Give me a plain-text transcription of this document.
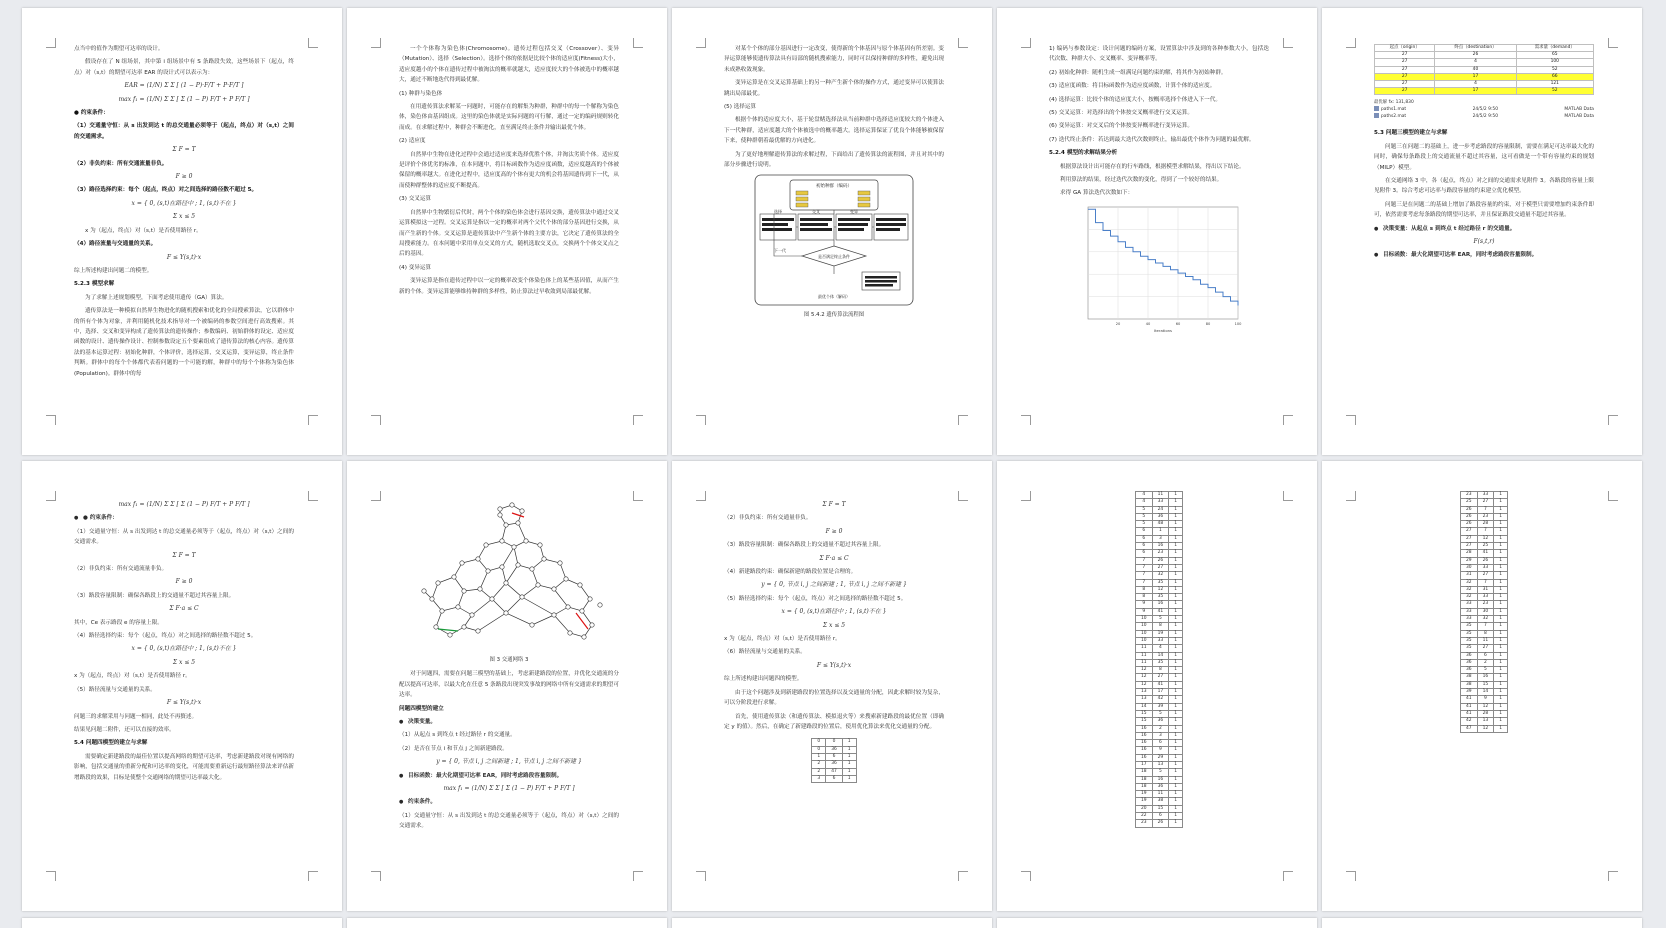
点当中的值作为期望可达率的设计。

假设存在了 N 组场景，其中第 i 组场景中有 S 条路段失效，这些场景下（起点，终点）对（s,t）的期望可达率 EAR 的设计式可以表示为：

EAR = (1/N) Σ Σ [ (1 − P)·F/T + P·F/T ]
max f₁ = (1/N) Σ Σ [ Σ (1 − P) F/T + P F/T ]

● 约束条件：

（1）交通量守恒：从 s 出发到达 t 的总交通量必须等于（起点，终点）对（s,t）之间的交通需求。

Σ F = T

（2）非负约束：所有交通流量非负。

F ≥ 0

（3）路径选择约束：每个（起点，终点）对之间选择的路径数不超过 5。

x = { 0, (s,t)在路径中 ; 1, (s,t)不在 }
Σ x ≤ 5

x 为（起点，终点）对（s,t）是否使用路径 r。

（4）路径流量与交通量的关系。

F ≤ Y(s,t)·x

综上所述构建出问题二的模型。

5.2.3 模型求解

为了求解上述规划模型，下面考虑使用遗传（GA）算法。

遗传算法是一种模拟自然界生物进化的随机搜索和优化的全局搜索算法，它以群体中的所有个体为对象，并利用随机化技术指导对一个被编码的参数空间进行高效搜索。其中，选择、交叉和变异构成了遗传算法的遗传操作；参数编码、初始群体的设定、适应度函数的设计、遗传操作设计、控制参数设定五个要素组成了遗传算法的核心内容。遗传算法的基本运算过程：初始化种群，个体评价，选择运算，交叉运算，变异运算，终止条件判断。群体中的每个个体都代表着问题的一个可能的解，种群中的每个个体称为染色体(Population)。群体中的每

一个个体称为染色体(Chromosome)。遗传过程包括交叉（Crossover）、变异（Mutation）、选择（Selection）。选择个体的依据是比较个体的适应度(Fitness)大小，适应度越小的个体在遗传过程中被淘汰的概率就越大，适应度较大的个体被选中的概率越大，通过不断地迭代得到最优解。

(1) 种群与染色体

在用遗传算法求解某一问题时，可能存在的解集为种群，种群中的每一个解称为染色体，染色体由基因组成。这里的染色体就是实际问题的可行解，通过一定的编码规则转化而成。在求解过程中，种群会不断进化，直至满足终止条件并输出最优个体。

(2) 适应度

自然界中生物在进化过程中会通过适应度来选择优胜个体，并淘汰劣质个体。适应度是评价个体优劣的标准，在本问题中，将目标函数作为适应度函数，适应度越高的个体被保留的概率越大。在进化过程中，适应度高的个体有更大的机会将基因遗传到下一代，从而使种群整体的适应度不断提高。

(3) 交叉运算

自然界中生物繁衍后代时，两个个体的染色体会进行基因交换，遗传算法中通过交叉运算模拟这一过程。交叉运算是指以一定的概率对两个父代个体的部分基因进行交换，从而产生新的个体。交叉运算是遗传算法中产生新个体的主要方法，它决定了遗传算法的全局搜索能力。在本问题中采用单点交叉的方式，随机选取交叉点，交换两个个体交叉点之后的基因。

(4) 变异运算

变异运算是指在遗传过程中以一定的概率改变个体染色体上的某些基因值，从而产生新的个体。变异运算能够维持种群的多样性，防止算法过早收敛到局部最优解。

对某个个体的部分基因进行一定改变，使得新的个体基因与原个体基因有所差别。变异运算能够使遗传算法具有局部的随机搜索能力，同时可以保持种群的多样性，避免出现未成熟收敛现象。

变异运算是在交叉运算基础上的另一种产生新个体的操作方式，通过变异可以使算法跳出局部最优。

(5) 选择运算

根据个体的适应度大小，基于轮盘赌选择法从当前种群中选择适应度较大的个体进入下一代种群，适应度越大的个体被选中的概率越大。选择运算保证了优良个体能够被保留下来，使种群朝着最优解的方向进化。

为了更好地理解遗传算法的求解过程，下面给出了遗传算法的流程图，并且对其中的部分步骤进行说明。

初始种群（编码）
选择	交叉	变异
下一代
是否满足终止条件
最优个体（解码）
图 5.4.2 遗传算法流程图

1) 编码与参数设定：设计问题的编码方案，设置算法中涉及到的各种参数大小，包括迭代次数、种群大小、交叉概率、变异概率等。

(2) 初始化种群：随机生成一组满足问题约束的解，将其作为初始种群。

(3) 适应度函数：将目标函数作为适应度函数，计算个体的适应度。

(4) 选择运算：比较个体的适应度大小，按概率选择个体进入下一代。

(5) 交叉运算：对选择出的个体按交叉概率进行交叉运算。

(6) 变异运算：对交叉后的个体按变异概率进行变异运算。

(7) 迭代终止条件：若达到最大迭代次数则终止，输出最优个体作为问题的最优解。

5.2.4 模型的求解结果分析

根据算法设计出可能存在的行车路线，根据模型求解结果，得出以下结论。

利用算法的结果，经过迭代次数的变化，得到了一个较好的结果。

求得 GA 算法迭代次数如下：

20	40	60	80	100
Iterations
起点（origin）	终点（destination）	需求量（demand）
27	26	65
27	4	100
27	40	52
27	17	66
27	4	121
27	17	52
最优解 fx: 131,830
paths1.mat	24/5/2 9:50	MATLAB Data
paths2.mat	24/5/2 9:50	MATLAB Data

5.3 问题三模型的建立与求解

问题三在问题二的基础上，进一步考虑路段的容量限制，需要在满足可达率最大化的同时，确保每条路段上的交通流量不超过其容量，这可看做是一个带有容量约束的规划（MILP）模型。

在交通网络 3 中，各（起点，终点）对之间的交通需求见附件 3。各路段的容量上限见附件 3。综合考虑可达率与路段容量的约束建立优化模型。

问题三是在问题二的基础上增加了路段容量的约束，对于模型只需要增加约束条件即可，依然需要考虑每条路段的期望可达率，并且保证路段交通量不超过其容量。

● 决策变量：从起点 s 到终点 t 经过路径 r 的交通量。

F(s,t,r)

● 目标函数：最大化期望可达率 EAR，同时考虑路段容量限制。

max f₁ = (1/N) Σ Σ [ Σ (1 − P) F/T + P F/T ]

● ● 约束条件：

（1）交通量守恒：从 s 出发到达 t 的总交通量必须等于（起点，终点）对（s,t）之间的交通需求。

Σ F = T

（2）非负约束：所有交通流量非负。

F ≥ 0

（3）路段容量限制：确保各路段上的交通量不超过其容量上限。

Σ F·a ≤ C

其中，Ce 表示路段 e 的容量上限。

（4）路径选择约束：每个（起点，终点）对之间选择的路径数不超过 5。

x = { 0, (s,t)在路径中 ; 1, (s,t)不在 }
Σ x ≤ 5

x 为（起点，终点）对（s,t）是否使用路径 r。

（5）路径流量与交通量的关系。

F ≤ Y(s,t)·x

问题三的求解采用与问题一相同，此处不再赘述。

结果见问题二附件，还可以直接的效率。

5.4 问题四模型的建立与求解

需要确定新建路段的最佳位置以提高网络的期望可达率，考虑新建路段对现有网络的影响，包括交通量的重新分配和可达率的变化，可能需要重新运行最短路径算法来评估新增路段的效果，目标是使整个交通网络的期望可达率最大化。

图 3 交通网络 3

对于问题四，需要在问题三模型的基础上，考虑新建路段的位置，并优化交通流的分配以提高可达率，以最大化在任意 5 条路段出现突发事故的网络中所有交通需求的期望可达率。

问题四模型的建立

● 决策变量。

（1）从起点 s 到终点 t 经过路径 r 的交通量。

（2）是否在节点 i 和节点 j 之间新建路段。

y = { 0, 节点 i, j 之间新建 ; 1, 节点 i, j 之间不新建 }

● 目标函数：最大化期望可达率 EAR，同时考虑路段容量限制。

max f₁ = (1/N) Σ Σ [ Σ (1 − P) F/T + P F/T ]

● 约束条件。

（1）交通量守恒：从 s 出发到达 t 的总交通量必须等于（起点，终点）对（s,t）之间的交通需求。

Σ F = T

（2）非负约束：所有交通量非负。

F ≥ 0

（3）路段容量限制：确保各路段上的交通量不超过其容量上限。

Σ F·a ≤ C

（4）新建路段约束：确保新建的路段位置是合理的。

y = { 0, 节点 i, j 之间新建 ; 1, 节点 i, j 之间不新建 }

（5）路径选择约束：每个（起点，终点）对之间选择的路径数不超过 5。

x = { 0, (s,t)在路径中 ; 1, (s,t)不在 }
Σ x ≤ 5

x 为（起点，终点）对（s,t）是否使用路径 r。

（6）路径流量与交通量的关系。

F ≤ Y(s,t)·x

综上所述构建出问题四的模型。

由于这个问题涉及到新建路段的位置选择以及交通量的分配，因此求解时较为复杂，可以分阶段进行求解。

首先，使用遗传算法（和遗传算法、模拟退火等）来搜索新建路段的最优位置（即确定 y 的值）。然后，在确定了新建路段的位置后，使用优化算法来优化交通量的分配。

0	0	1
0	36	1
1	6	1
2	36	1
2	47	1
3	6	1
4	11	1
4	33	1
5	24	1
5	36	1
5	48	1
6	1	1
6	3	1
6	16	1
6	23	1
7	26	1
7	27	1
7	32	1
7	35	1
8	12	1
8	35	1
9	16	1
9	41	1
10	5	1
10	8	1
10	19	1
10	33	1
11	4	1
11	14	1
11	35	1
12	8	1
12	27	1
12	41	1
13	17	1
13	42	1
14	39	1
15	5	1
15	36	1
16	2	1
16	3	1
16	6	1
16	9	1
16	29	1
17	13	1
18	5	1
18	16	1
18	36	1
19	11	1
19	38	1
20	15	1
22	6	1
23	26	1
23	33	1
25	27	1
26	7	1
26	23	1
26	28	1
27	7	1
27	12	1
27	25	1
28	41	1
29	26	1
30	33	1
31	27	1
32	7	1
32	31	1
32	33	1
33	23	1
33	30	1
33	32	1
35	7	1
35	8	1
35	11	1
35	27	1
36	6	1
36	2	1
36	5	1
38	16	1
38	15	1
39	14	1
41	9	1
41	12	1
41	28	1
42	13	1
47	12	1
